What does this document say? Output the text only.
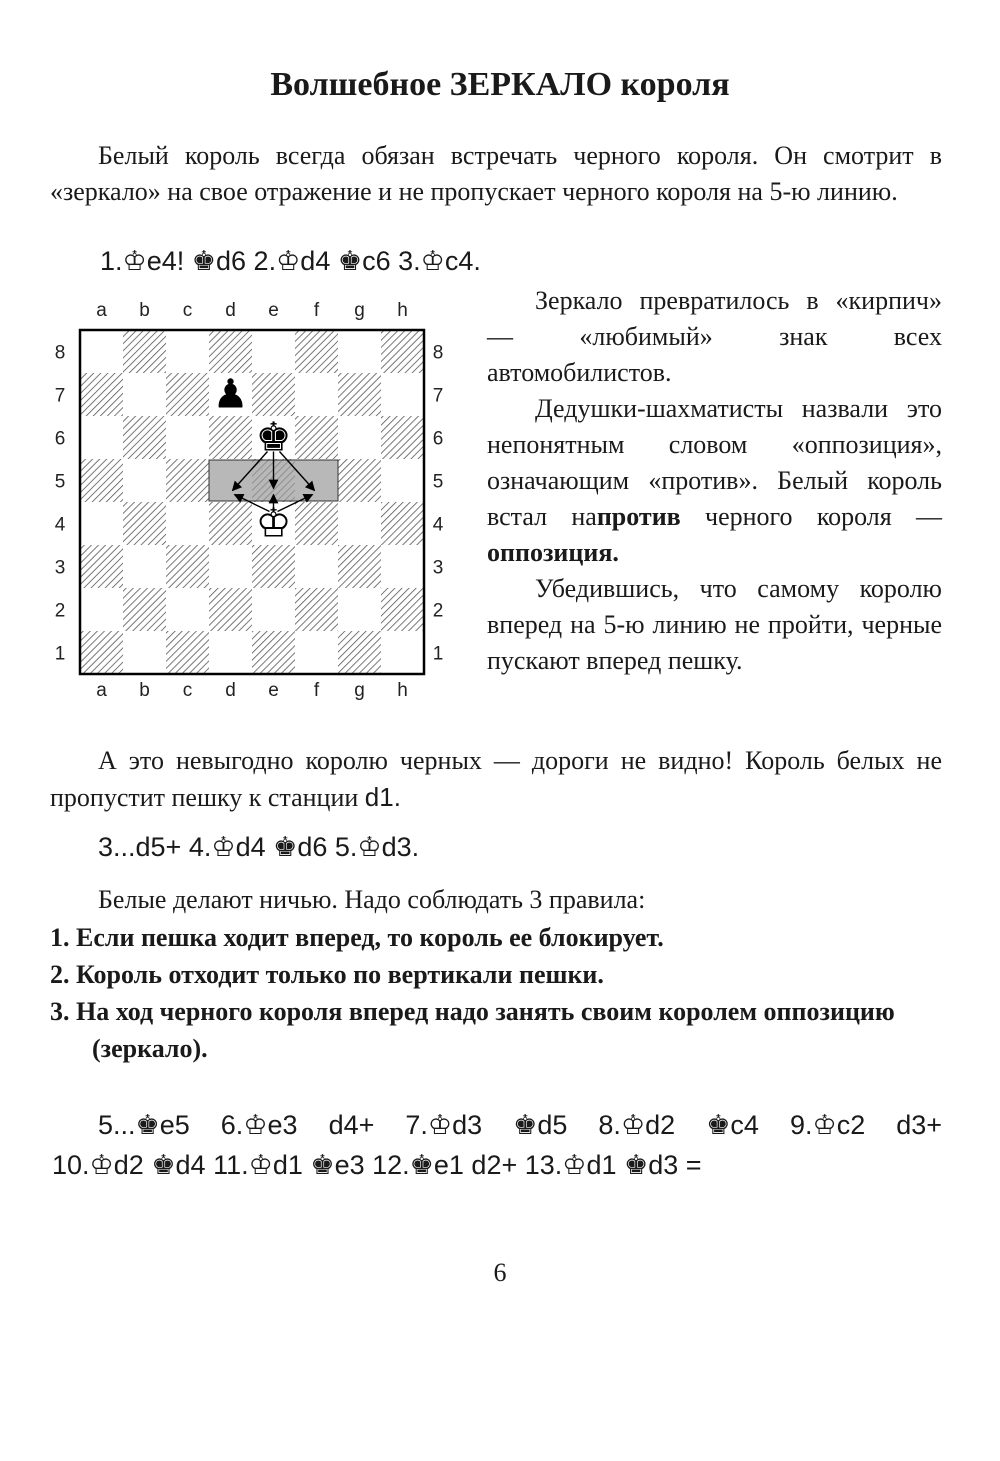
Волшебное ЗЕРКАЛО короля
Белый король всегда обязан встречать черного короля. Он смотрит в «зеркало» на свое отражение и не пропускает черного короля на 5-ю линию.
1.♔e4! ♚d6 2.♔d4 ♚c6 3.♔c4.
♟
♚
♔
a
a
b
b
c
c
d
d
e
e
f
f
g
g
h
h
8	8
7	7
6	6
5	5
4	4
3	3
2	2
1	1

Зеркало превратилось в «кирпич» — «любимый» знак всех автомобилистов.

Дедушки-шахматисты назвали это непонятным словом «оппозиция», означающим «против». Белый король встал напротив черного короля — оппозиция.

Убедившись, что самому королю вперед на 5-ю линию не пройти, черные пускают вперед пешку.

А это невыгодно королю черных — дороги не видно! Король белых не пропустит пешку к станции d1.
3...d5+ 4.♔d4 ♚d6 5.♔d3.
Белые делают ничью. Надо соблюдать 3 правила:
1. Если пешка ходит вперед, то король ее блокирует.
2. Король отходит только по вертикали пешки.
3. На ход черного короля вперед надо занять своим королем оппозицию (зеркало).
5...♚e5 6.♔e3 d4+ 7.♔d3 ♚d5 8.♔d2 ♚c4 9.♔c2 d3+
10.♔d2 ♚d4 11.♔d1 ♚e3 12.♚e1 d2+ 13.♔d1 ♚d3 =
6
